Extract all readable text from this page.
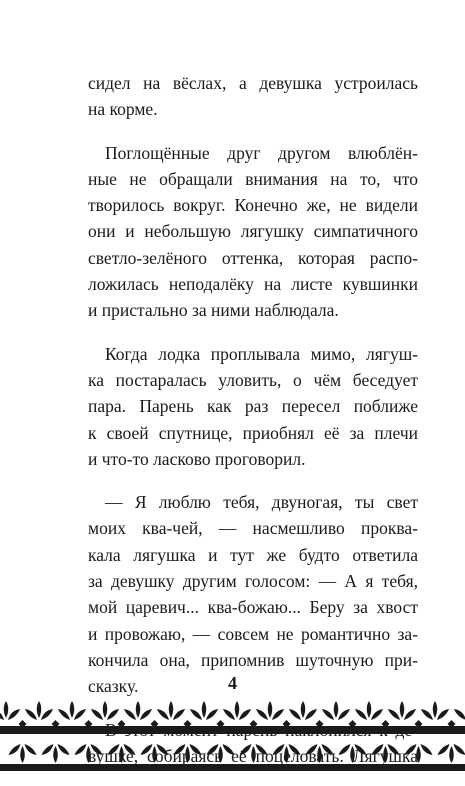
сидел на вёслах, а девушка устроилась
на корме.

Поглощённые друг другом влюблён-
ные не обращали внимания на то, что
творилось вокруг. Конечно же, не видели
они и небольшую лягушку симпатичного
светло-зелёного оттенка, которая распо-
ложилась неподалёку на листе кувшинки
и пристально за ними наблюдала.

Когда лодка проплывала мимо, лягуш-
ка постаралась уловить, о чём беседует
пара. Парень как раз пересел поближе
к своей спутнице, приобнял её за плечи
и что-то ласково проговорил.

— Я люблю тебя, двуногая, ты свет
моих ква-чей, — насмешливо проква-
кала лягушка и тут же будто ответила
за девушку другим голосом: — А я тебя,
мой царевич... ква-божаю... Беру за хвост
и провожаю, — совсем не романтично за-
кончила она, припомнив шуточную при-
сказку.

вушке, собираясь её поцеловать.

4
